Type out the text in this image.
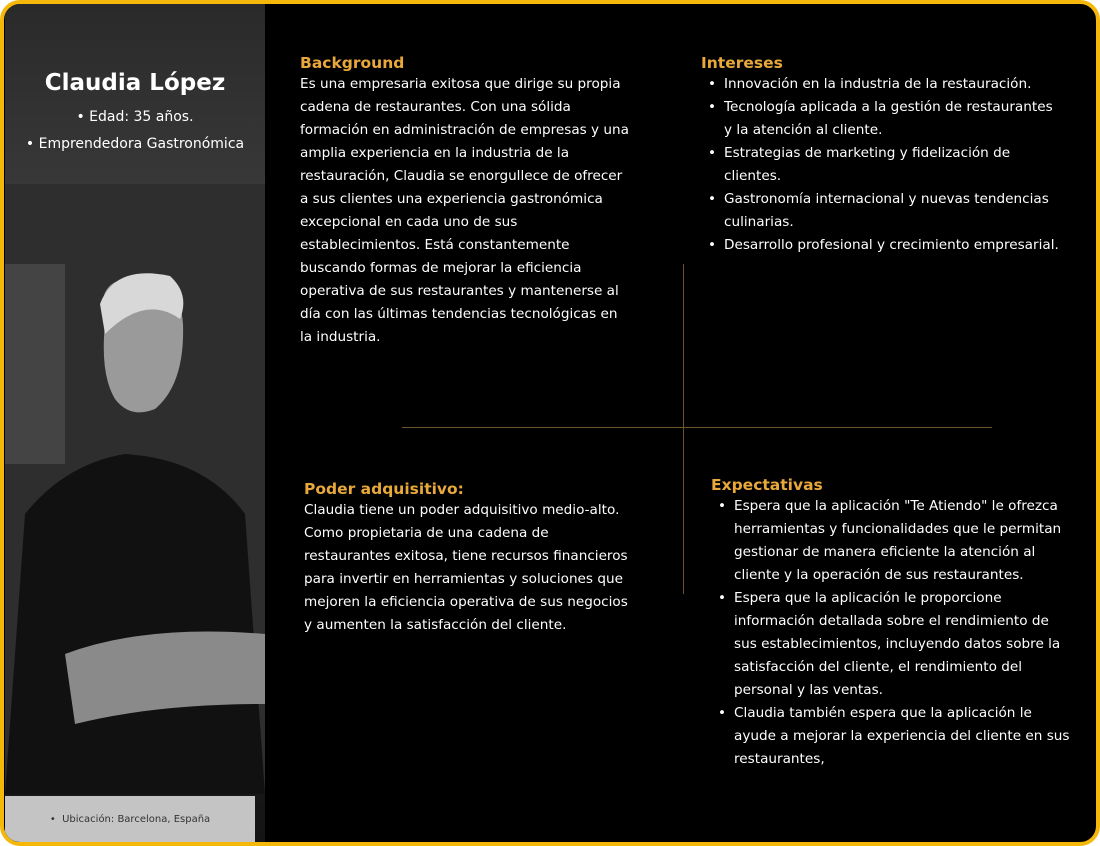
Claudia López
• Edad: 35 años.
• Emprendedora Gastronómica
• Ubicación: Barcelona, España
Background

Es una empresaria exitosa que dirige su propia cadena de restaurantes. Con una sólida formación en administración de empresas y una amplia experiencia en la industria de la restauración, Claudia se enorgullece de ofrecer a sus clientes una experiencia gastronómica excepcional en cada uno de sus establecimientos. Está constantemente buscando formas de mejorar la eficiencia operativa de sus restaurantes y mantenerse al día con las últimas tendencias tecnológicas en la industria.

Intereses
• Innovación en la industria de la restauración.
• Tecnología aplicada a la gestión de restaurantes y la atención al cliente.
• Estrategias de marketing y fidelización de clientes.
• Gastronomía internacional y nuevas tendencias culinarias.
• Desarrollo profesional y crecimiento empresarial.
Poder adquisitivo:

Claudia tiene un poder adquisitivo medio-alto. Como propietaria de una cadena de restaurantes exitosa, tiene recursos financieros para invertir en herramientas y soluciones que mejoren la eficiencia operativa de sus negocios y aumenten la satisfacción del cliente.

Expectativas
• Espera que la aplicación "Te Atiendo" le ofrezca herramientas y funcionalidades que le permitan gestionar de manera eficiente la atención al cliente y la operación de sus restaurantes.
• Espera que la aplicación le proporcione información detallada sobre el rendimiento de sus establecimientos, incluyendo datos sobre la satisfacción del cliente, el rendimiento del personal y las ventas.
• Claudia también espera que la aplicación le ayude a mejorar la experiencia del cliente en sus restaurantes,
